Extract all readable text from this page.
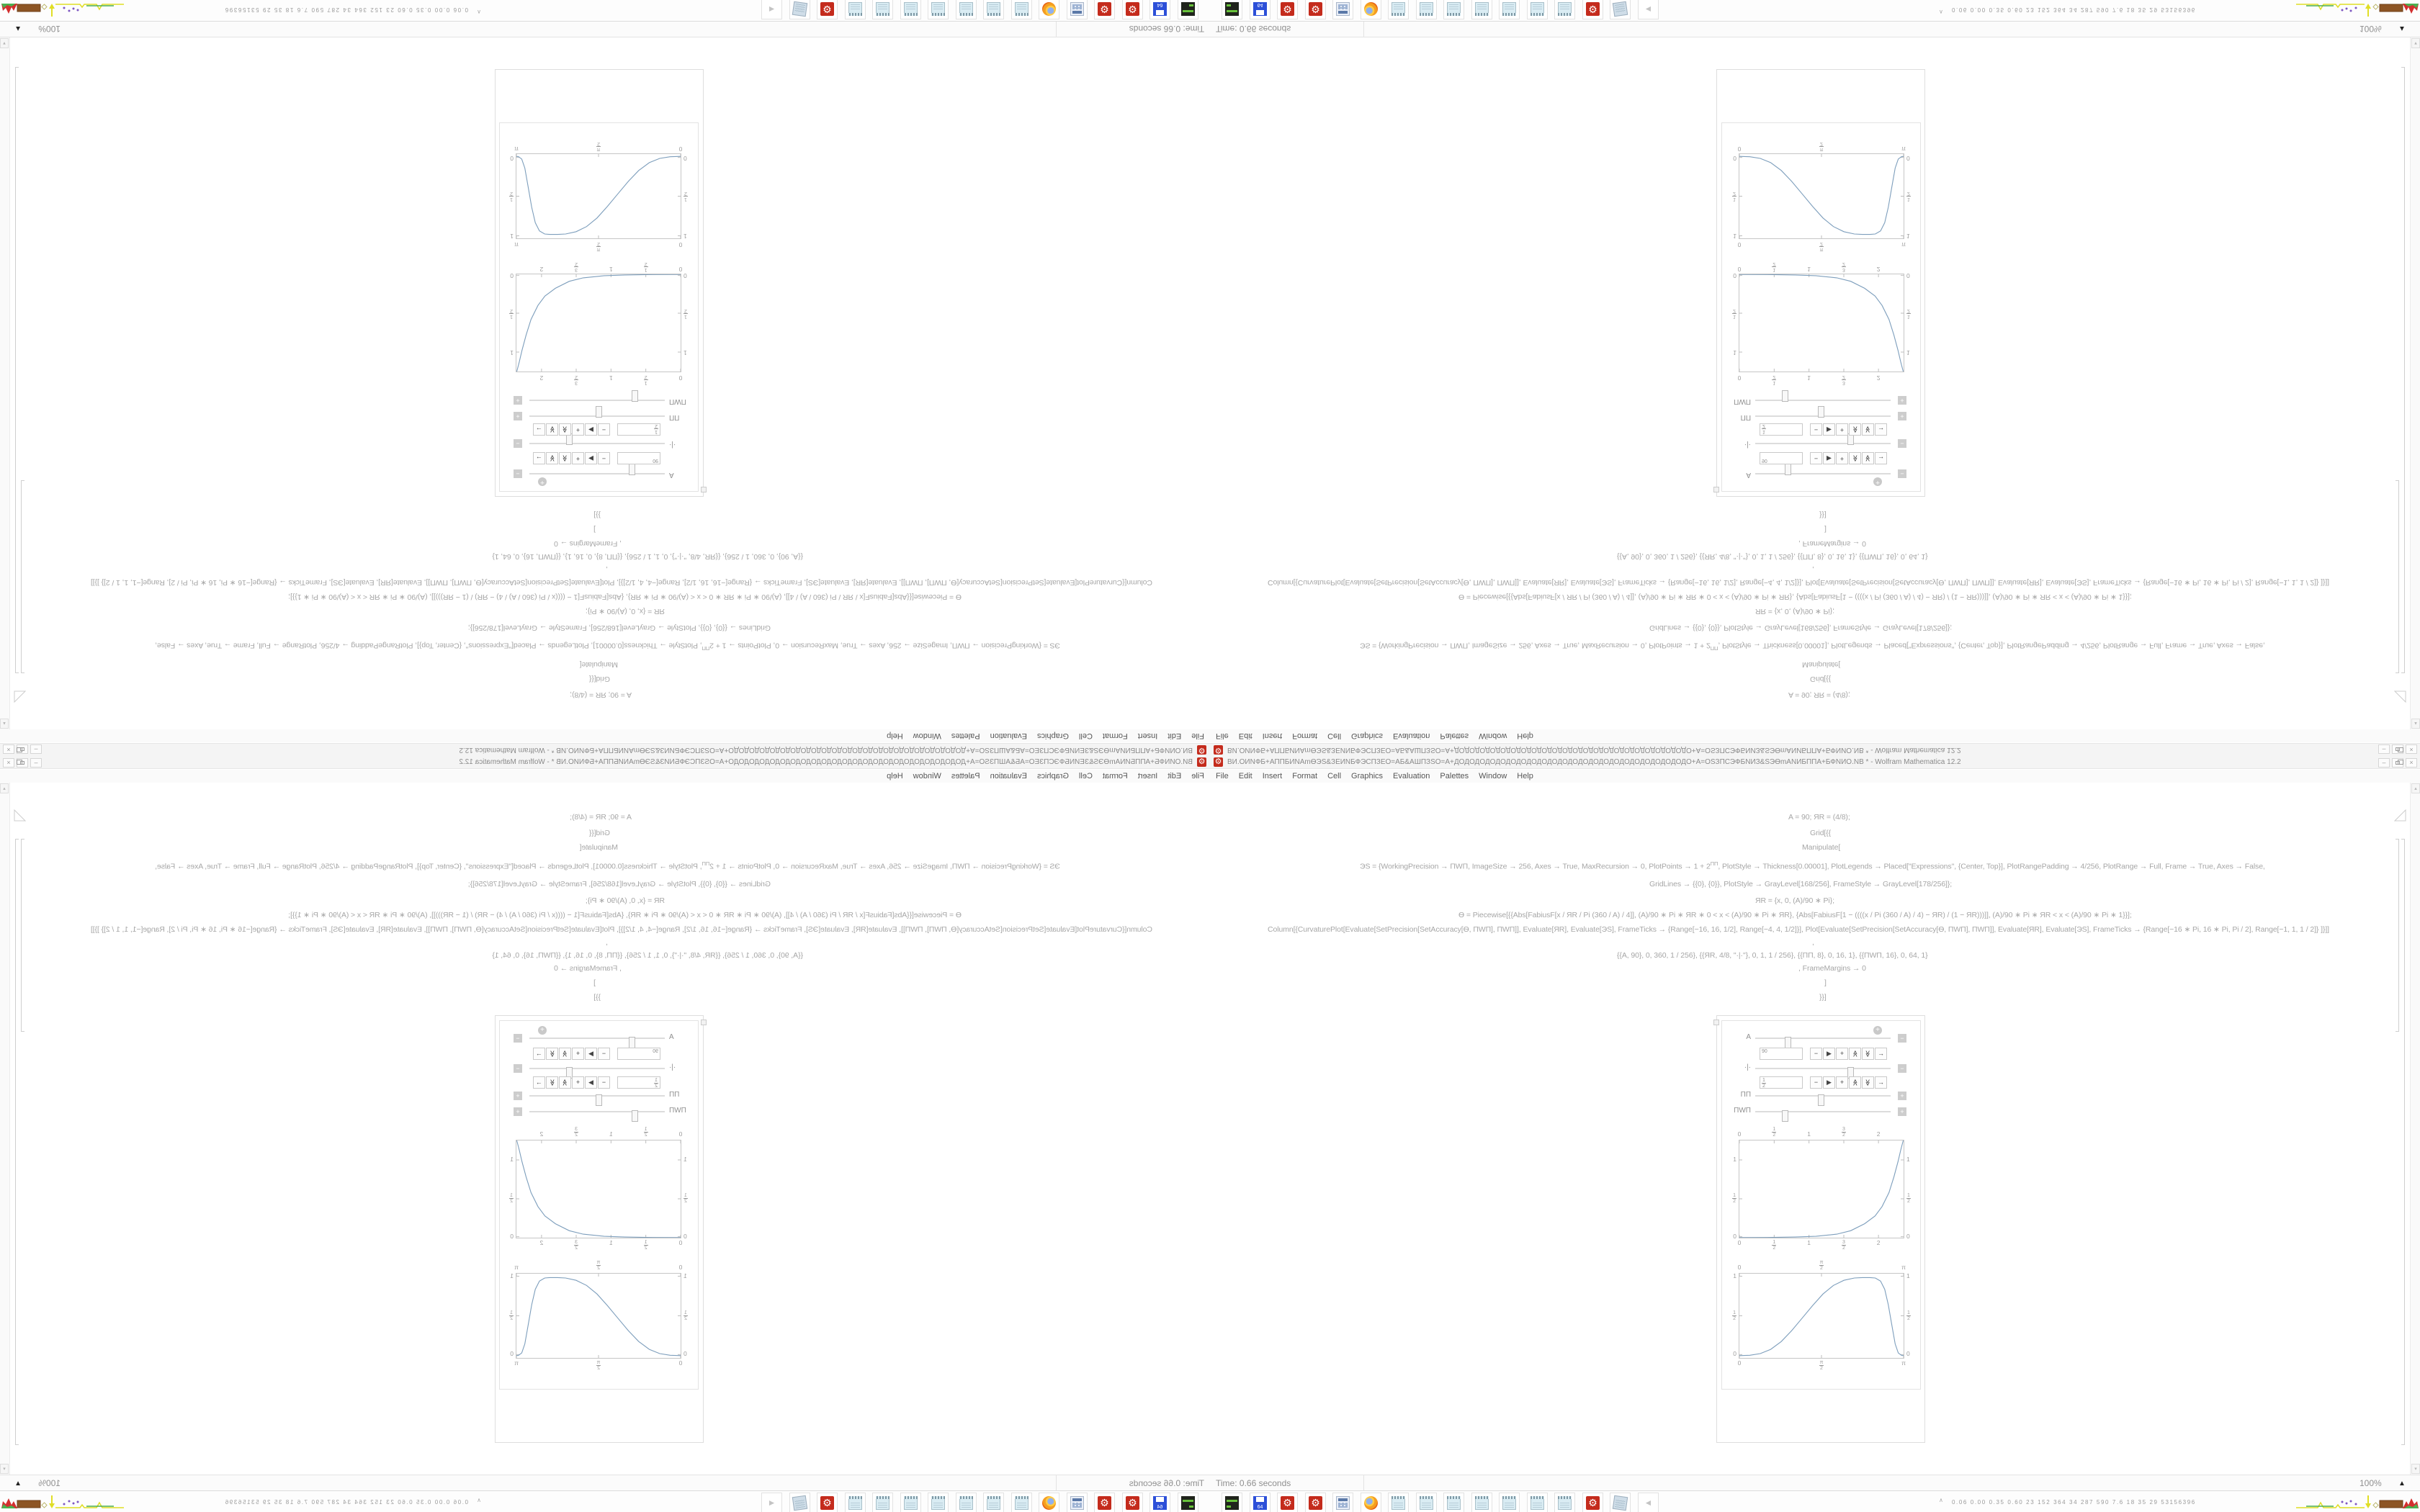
⚙
ВИ.ОИNФБ+АППБИNАmѲЭS&ЗЕИNБФЭСПЗЕО=АБ&АШПЗSО=А+ДОДОДОДОДОДОДОДОДОДОДОДОДОДОДОДОДОДОДОДОДОДОДО+А=ОSЗПСЭФБNИЗ&SЭѲmАNИБППА+БФNИО.NВ * - Wolfram Mathematica 12.2
–
×
File
Edit
Insert
Format
Cell
Graphics
Evaluation
Palettes
Window
Help
A = 90; ЯR = (4/8);
Grid[{{
Manipulate[
ЭS = {WorkingPrecision → ПWП, ImageSize → 256, Axes → True, MaxRecursion → 0, PlotPoints → $1 + 2^{ПП}$, PlotStyle → Thickness[0.00001], PlotLegends → Placed["Expressions", {Center, Top}], PlotRangePadding → 4/256, PlotRange → Full, Frame → True, Axes → False,
GridLines → {{0}, {0}}, PlotStyle → GrayLevel[168/256], FrameStyle → GrayLevel[178/256]};
ЯR = {x, 0, (A)/90 ∗ Pi};
Ѳ = Piecewise[{{Abs[FabiusF[x / ЯR / Pi (360 / A) / 4]], (A)/90 ∗ Pi ∗ ЯR ∗ 0 < x < (A)/90 ∗ Pi ∗ ЯR}, {Abs[FabiusF[1 − ((((x / Pi (360 / A) / 4) − ЯR) / (1 − ЯR)))]], (A)/90 ∗ Pi ∗ ЯR < x < (A)/90 ∗ Pi ∗ 1}}];
Column[{CurvaturePlot[Evaluate[SetPrecision[SetAccuracy[Ѳ, ПWП], ПWП]], Evaluate[ЯR], Evaluate[ЭS], FrameTicks → {Range[−16, 16, 1/2], Range[−4, 4, 1/2]}], Plot[Evaluate[SetPrecision[SetAccuracy[Ѳ, ПWП], ПWП]], Evaluate[ЯR], Evaluate[ЭS], FrameTicks → {Range[−16 ∗ Pi, 16 ∗ Pi, Pi / 2], Range[−1, 1, 1 / 2]} ]}]]
,
{{A, 90}, 0, 360, 1 / 256}, {{ЯR, 4/8, "·|·"}, 0, 1, 1 / 256}, {{ПП, 8}, 0, 16, 1}, {{ПWП, 16}, 0, 64, 1}
, FrameMargins → 0
]
}}]
+
A
−
90
−
▶
+
≪
≪
→
·|·
−
1
2
−
▶
+
≪
≪
→
ПП
+
ПWП
+
0
0
1
2
1
2
1
1
3
2
3
2
2
2
1
1
1
2
1
2
0
0
0
0
π
2
π
2
π
π
1
1
1
2
1
2
0
0
▴
▾
Time: 0.66 seconds
100%
▲
64
⚙
⚙
⚙
◄
∧
0.06 0.00 0.35 0.60 23 152 364 34 287 590 7.6 18 35 29 53156396
⚙ ВИ.ОИNФБ+АППБИNАmѲЭS&ЗЕИNБФЭСПЗЕО=АБ&АШПЗSО=А+ДОДОДОДОДОДОДОДОДОДОДОДОДОДОДОДОДОДОДОДОДОДОДО+А=ОSЗПСЭФБNИЗ&SЭѲmАNИБППА+БФNИО.NВ * - Wolfram Mathematica 12.2	–	×
File Edit Insert Format Cell Graphics Evaluation Palettes Window Help
A = 90; ЯR = (4/8);
Grid[{{
Manipulate[
ЭS = {WorkingPrecision → ПWП, ImageSize → 256, Axes → True, MaxRecursion → 0, PlotPoints → $1 + 2^{ПП}$, PlotStyle → Thickness[0.00001], PlotLegends → Placed["Expressions", {Center, Top}], PlotRangePadding → 4/256, PlotRange → Full, Frame → True, Axes → False,
GridLines → {{0}, {0}}, PlotStyle → GrayLevel[168/256], FrameStyle → GrayLevel[178/256]};
ЯR = {x, 0, (A)/90 ∗ Pi};
Ѳ = Piecewise[{{Abs[FabiusF[x / ЯR / Pi (360 / A) / 4]], (A)/90 ∗ Pi ∗ ЯR ∗ 0 < x < (A)/90 ∗ Pi ∗ ЯR}, {Abs[FabiusF[1 − ((((x / Pi (360 / A) / 4) − ЯR) / (1 − ЯR)))]], (A)/90 ∗ Pi ∗ ЯR < x < (A)/90 ∗ Pi ∗ 1}}];
Column[{CurvaturePlot[Evaluate[SetPrecision[SetAccuracy[Ѳ, ПWП], ПWП]], Evaluate[ЯR], Evaluate[ЭS], FrameTicks → {Range[−16, 16, 1/2], Range[−4, 4, 1/2]}], Plot[Evaluate[SetPrecision[SetAccuracy[Ѳ, ПWП], ПWП]], Evaluate[ЯR], Evaluate[ЭS], FrameTicks → {Range[−16 ∗ Pi, 16 ∗ Pi, Pi / 2], Range[−1, 1, 1 / 2]} ]}]]
,
{{A, 90}, 0, 360, 1 / 256}, {{ЯR, 4/8, "·|·"}, 0, 1, 1 / 256}, {{ПП, 8}, 0, 16, 1}, {{ПWП, 16}, 0, 64, 1}
, FrameMargins → 0
]
}}]
+
A	−
90	−	▶	+	≪ ≪	→
·|·	−
1
2
−	▶	+	≪ ≪	→
ПП	+
ПWП	+
0
0
1
2
1
2
1
1
3
2
3
2
2
2
1	1
1
2
1
2
0	0
0
0
π
2
π
2
π
π
1	1
1
2
1
2
0	0
▴
▾
Time: 0.66 seconds	100% ▲
64
⚙ ⚙	⚙	◄	∧ 0.06 0.00 0.35 0.60 23 152 364 34 287 590 7.6 18 35 29 53156396
⚙
ВИ.ОИNФБ+АППБИNАmѲЭS&ЗЕИNБФЭСПЗЕО=АБ&АШПЗSО=А+ДОДОДОДОДОДОДОДОДОДОДОДОДОДОДОДОДОДОДОДОДОДОДО+А=ОSЗПСЭФБNИЗ&SЭѲmАNИБППА+БФNИО.NВ * - Wolfram Mathematica 12.2
–
×
File
Edit
Insert
Format
Cell
Graphics
Evaluation
Palettes
Window
Help
A = 90; ЯR = (4/8);
Grid[{{
Manipulate[
ЭS = {WorkingPrecision → ПWП, ImageSize → 256, Axes → True, MaxRecursion → 0, PlotPoints → $1 + 2^{ПП}$, PlotStyle → Thickness[0.00001], PlotLegends → Placed["Expressions", {Center, Top}], PlotRangePadding → 4/256, PlotRange → Full, Frame → True, Axes → False,
GridLines → {{0}, {0}}, PlotStyle → GrayLevel[168/256], FrameStyle → GrayLevel[178/256]};
ЯR = {x, 0, (A)/90 ∗ Pi};
Ѳ = Piecewise[{{Abs[FabiusF[x / ЯR / Pi (360 / A) / 4]], (A)/90 ∗ Pi ∗ ЯR ∗ 0 < x < (A)/90 ∗ Pi ∗ ЯR}, {Abs[FabiusF[1 − ((((x / Pi (360 / A) / 4) − ЯR) / (1 − ЯR)))]], (A)/90 ∗ Pi ∗ ЯR < x < (A)/90 ∗ Pi ∗ 1}}];
Column[{CurvaturePlot[Evaluate[SetPrecision[SetAccuracy[Ѳ, ПWП], ПWП]], Evaluate[ЯR], Evaluate[ЭS], FrameTicks → {Range[−16, 16, 1/2], Range[−4, 4, 1/2]}], Plot[Evaluate[SetPrecision[SetAccuracy[Ѳ, ПWП], ПWП]], Evaluate[ЯR], Evaluate[ЭS], FrameTicks → {Range[−16 ∗ Pi, 16 ∗ Pi, Pi / 2], Range[−1, 1, 1 / 2]} ]}]]
,
{{A, 90}, 0, 360, 1 / 256}, {{ЯR, 4/8, "·|·"}, 0, 1, 1 / 256}, {{ПП, 8}, 0, 16, 1}, {{ПWП, 16}, 0, 64, 1}
, FrameMargins → 0
]
}}]
+
A
−
90
−
▶
+
≪
≪
→
·|·
−
$\frac{1}{2}$
−
▶
+
≪
≪
→
ПП
+
ПWП
+
0
0
$\frac{1}{2}$
$\frac{1}{2}$
1
1
$\frac{3}{2}$
$\frac{3}{2}$
2
2
1
1
$\frac{1}{2}$
$\frac{1}{2}$
0
0
0
0
$\frac{\pi}{2}$
$\frac{\pi}{2}$
π
π
1
1
$\frac{1}{2}$
$\frac{1}{2}$
0
0
▴
▾
Time: 0.66 seconds
100%
▲
64
⚙
⚙
⚙
◄
∧
0.06 0.00 0.35 0.60 23 152 364 34 287 590 7.6 18 35 29 53156396
⚙ ВИ.ОИNФБ+АППБИNАmѲЭS&ЗЕИNБФЭСПЗЕО=АБ&АШПЗSО=А+ДОДОДОДОДОДОДОДОДОДОДОДОДОДОДОДОДОДОДОДОДОДОДО+А=ОSЗПСЭФБNИЗ&SЭѲmАNИБППА+БФNИО.NВ * - Wolfram Mathematica 12.2	–	×
File Edit Insert Format Cell Graphics Evaluation Palettes Window Help
A = 90; ЯR = (4/8);
Grid[{{
Manipulate[
ЭS = {WorkingPrecision → ПWП, ImageSize → 256, Axes → True, MaxRecursion → 0, PlotPoints → $1 + 2^{ПП}$, PlotStyle → Thickness[0.00001], PlotLegends → Placed["Expressions", {Center, Top}], PlotRangePadding → 4/256, PlotRange → Full, Frame → True, Axes → False,
GridLines → {{0}, {0}}, PlotStyle → GrayLevel[168/256], FrameStyle → GrayLevel[178/256]};
ЯR = {x, 0, (A)/90 ∗ Pi};
Ѳ = Piecewise[{{Abs[FabiusF[x / ЯR / Pi (360 / A) / 4]], (A)/90 ∗ Pi ∗ ЯR ∗ 0 < x < (A)/90 ∗ Pi ∗ ЯR}, {Abs[FabiusF[1 − ((((x / Pi (360 / A) / 4) − ЯR) / (1 − ЯR)))]], (A)/90 ∗ Pi ∗ ЯR < x < (A)/90 ∗ Pi ∗ 1}}];
Column[{CurvaturePlot[Evaluate[SetPrecision[SetAccuracy[Ѳ, ПWП], ПWП]], Evaluate[ЯR], Evaluate[ЭS], FrameTicks → {Range[−16, 16, 1/2], Range[−4, 4, 1/2]}], Plot[Evaluate[SetPrecision[SetAccuracy[Ѳ, ПWП], ПWП]], Evaluate[ЯR], Evaluate[ЭS], FrameTicks → {Range[−16 ∗ Pi, 16 ∗ Pi, Pi / 2], Range[−1, 1, 1 / 2]} ]}]]
,
{{A, 90}, 0, 360, 1 / 256}, {{ЯR, 4/8, "·|·"}, 0, 1, 1 / 256}, {{ПП, 8}, 0, 16, 1}, {{ПWП, 16}, 0, 64, 1}
, FrameMargins → 0
]
}}]
+
A	−
90	−	▶	+	≪ ≪	→
·|·	−
$\frac{1}{2}$	−	▶	+	≪ ≪	→
ПП	+
ПWП	+
0
0
$\frac{1}{2}$
$\frac{1}{2}$
1
1
$\frac{3}{2}$
$\frac{3}{2}$
2
2
1	1
$\frac{1}{2}$	$\frac{1}{2}$
0	0
0
0
$\frac{\pi}{2}$
$\frac{\pi}{2}$
π
π
1	1
$\frac{1}{2}$	$\frac{1}{2}$
0	0
▴
▾
Time: 0.66 seconds	100% ▲
64
⚙ ⚙	⚙	◄	∧ 0.06 0.00 0.35 0.60 23 152 364 34 287 590 7.6 18 35 29 53156396
